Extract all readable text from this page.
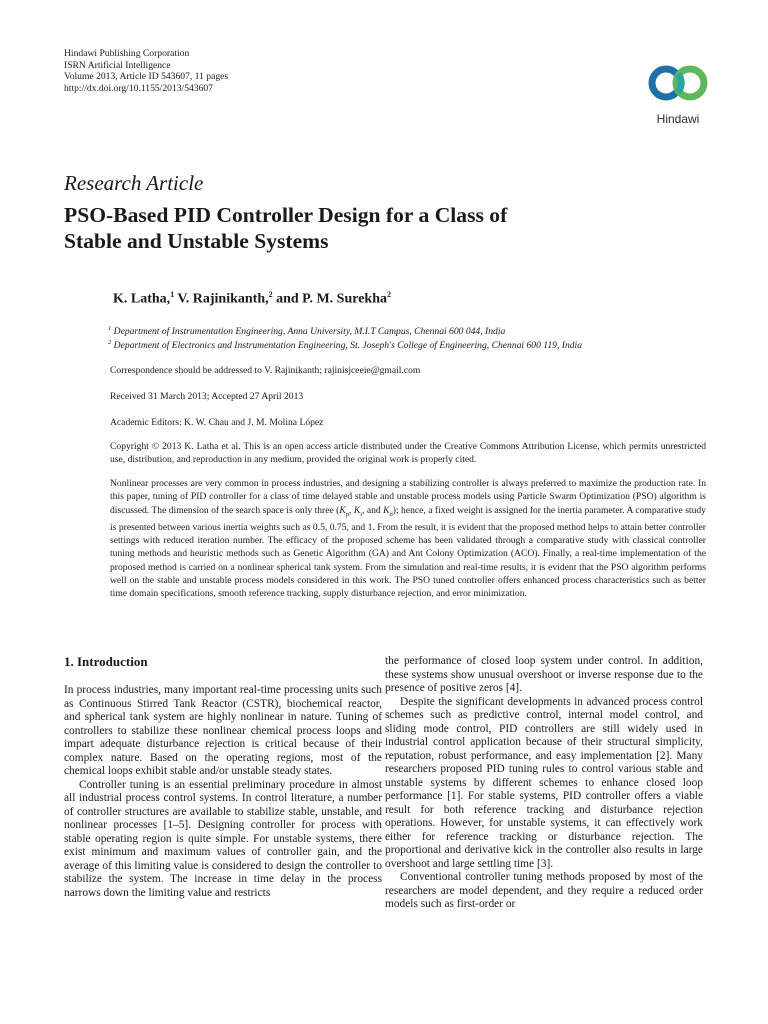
Hindawi Publishing Corporation
ISRN Artificial Intelligence
Volume 2013, Article ID 543607, 11 pages
http://dx.doi.org/10.1155/2013/543607
Hindawi
Research Article
PSO-Based PID Controller Design for a Class of
Stable and Unstable Systems
K. Latha,$^1$ V. Rajinikanth,$^2$ and P. M. Surekha$^2$
$^1$ Department of Instrumentation Engineering, Anna University, M.I.T Campus, Chennai 600 044, India
$^2$ Department of Electronics and Instrumentation Engineering, St. Joseph's College of Engineering, Chennai 600 119, India
Correspondence should be addressed to V. Rajinikanth; rajinisjceeie@gmail.com
Received 31 March 2013; Accepted 27 April 2013
Academic Editors: K. W. Chau and J. M. Molina López
Copyright © 2013 K. Latha et al. This is an open access article distributed under the Creative Commons Attribution License, which permits unrestricted use, distribution, and reproduction in any medium, provided the original work is properly cited.
Nonlinear processes are very common in process industries, and designing a stabilizing controller is always preferred to maximize the production rate. In this paper, tuning of PID controller for a class of time delayed stable and unstable process models using Particle Swarm Optimization (PSO) algorithm is discussed. The dimension of the search space is only three ($K_p$, $K_i$, and $K_d$); hence, a fixed weight is assigned for the inertia parameter. A comparative study is presented between various inertia weights such as 0.5, 0.75, and 1. From the result, it is evident that the proposed method helps to attain better controller settings with reduced iteration number. The efficacy of the proposed scheme has been validated through a comparative study with classical controller tuning methods and heuristic methods such as Genetic Algorithm (GA) and Ant Colony Optimization (ACO). Finally, a real-time implementation of the proposed method is carried on a nonlinear spherical tank system. From the simulation and real-time results, it is evident that the PSO algorithm performs well on the stable and unstable process models considered in this work. The PSO tuned controller offers enhanced process characteristics such as better time domain specifications, smooth reference tracking, supply disturbance rejection, and error minimization.
1. Introduction

In process industries, many important real-time processing units such as Continuous Stirred Tank Reactor (CSTR), biochemical reactor, and spherical tank system are highly nonlinear in nature. Tuning of controllers to stabilize these nonlinear chemical process loops and impart adequate disturbance rejection is critical because of their complex nature. Based on the operating regions, most of the chemical loops exhibit stable and/or unstable steady states.

Controller tuning is an essential preliminary procedure in almost all industrial process control systems. In control literature, a number of controller structures are available to stabilize stable, unstable, and nonlinear processes [1–5]. Designing controller for process with stable operating region is quite simple. For unstable systems, there exist minimum and maximum values of controller gain, and the average of this limiting value is considered to design the controller to stabilize the system. The increase in time delay in the process narrows down the limiting value and restricts

the performance of closed loop system under control. In addition, these systems show unusual overshoot or inverse response due to the presence of positive zeros [4].

Despite the significant developments in advanced process control schemes such as predictive control, internal model control, and sliding mode control, PID controllers are still widely used in industrial control application because of their structural simplicity, reputation, robust performance, and easy implementation [2]. Many researchers proposed PID tuning rules to control various stable and unstable systems by different schemes to enhance closed loop performance [1]. For stable systems, PID controller offers a viable result for both reference tracking and disturbance rejection operations. However, for unstable systems, it can effectively work either for reference tracking or disturbance rejection. The proportional and derivative kick in the controller also results in large overshoot and large settling time [3].

Conventional controller tuning methods proposed by most of the researchers are model dependent, and they require a reduced order models such as first-order or
